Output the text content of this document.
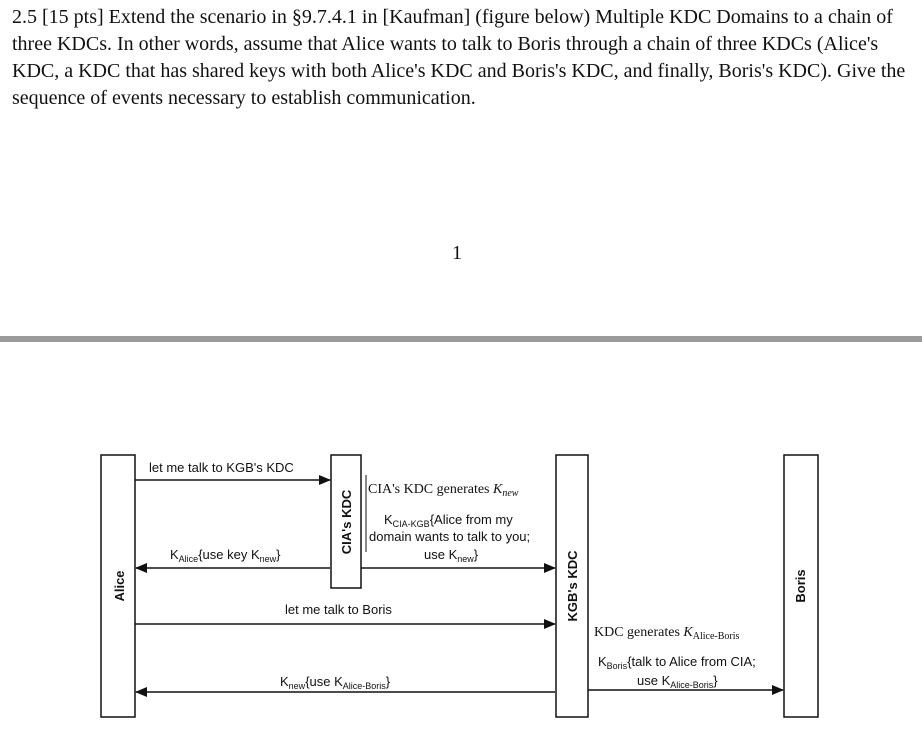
2.5 [15 pts] Extend the scenario in §9.7.4.1 in [Kaufman] (figure below) Multiple KDC Domains to a chain of three KDCs. In other words, assume that Alice wants to talk to Boris through a chain of three KDCs (Alice's KDC, a KDC that has shared keys with both Alice's KDC and Boris's KDC, and finally, Boris's KDC). Give the sequence of events necessary to establish communication.

1
Alice
CIA's KDC
KGB's KDC	Boris
let me talk to KGB's KDC
CIA's KDC generates $K_{new}$
$K_{CIA-KGB}\{Alice$ from my
domain wants to talk to you;
use $K_{new}$}
$K_{Alice}\{use$ key $K_{new}$}
let me talk to Boris
KDC generates $K_{Alice-Boris}$
$K_{Boris}\{talk$ to Alice from CIA;
use $K_{Alice-Boris}$}
$K_{new}\{use$ $K_{Alice-Boris}$}
